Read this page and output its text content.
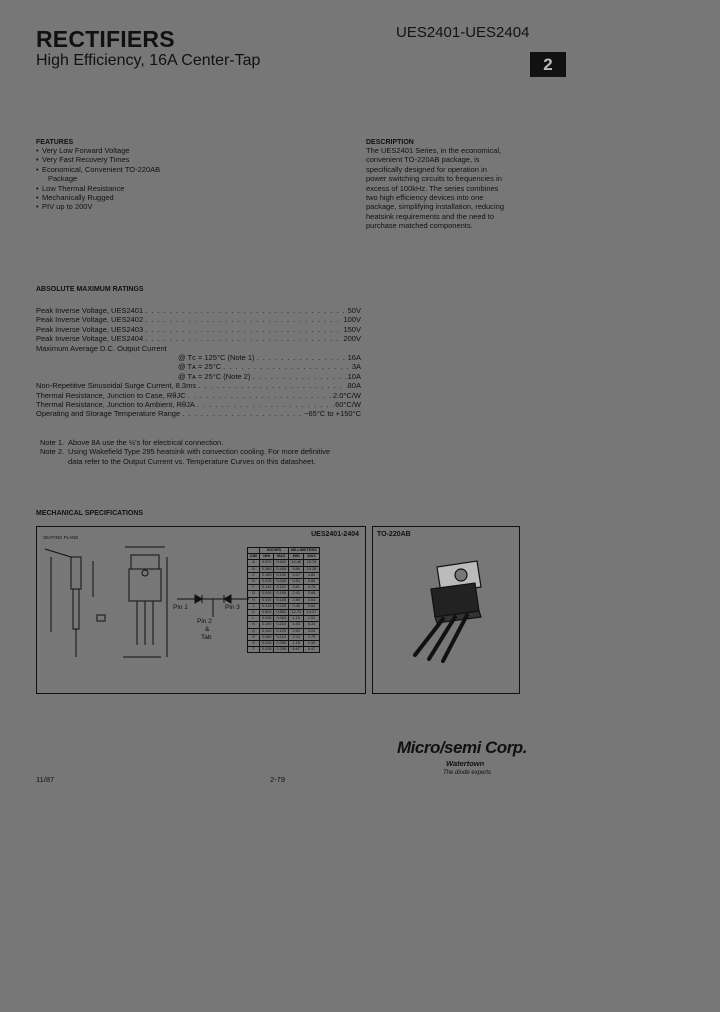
RECTIFIERS
High Efficiency, 16A Center-Tap
UES2401-UES2404
2
FEATURES
• Very Low Forward Voltage
• Very Fast Recovery Times
• Economical, Convenient TO-220AB
Package
• Low Thermal Resistance
• Mechanically Rugged
• PIV up to 200V
DESCRIPTION
The UES2401 Series, in the economical,
convenient TO-220AB package, is
specifically designed for operation in
power switching circuits to frequencies in
excess of 100kHz. The series combines
two high efficiency devices into one
package, simplifying installation, reducing
heatsink requirements and the need to
purchase matched components.
ABSOLUTE MAXIMUM RATINGS
Peak Inverse Voltage, UES2401 . . .	50V
Peak Inverse Voltage, UES2402 . . .	100V
Peak Inverse Voltage, UES2403 . . .	150V
Peak Inverse Voltage, UES2404 . . .	200V
Maximum Average D.C. Output Current
@ Tᴄ = 125°C (Note 1) . . .	16A
@ Tᴀ = 25°C . . .	3A
@ Tᴀ = 25°C (Note 2) . . .	10A
Non-Repetitive Sinusoidal Surge Current, 8.3ms . . .	80A
Thermal Resistance, Junction to Case, RθJC . . .	2.0°C/W
Thermal Resistance, Junction to Ambient, RθJA . . .	60°C/W
Operating and Storage Temperature Range . . .	−65°C to +150°C
Note 1. Above 8A use the ½'s for electrical connection.
Note 2. Using Wakefield Type 295 heatsink with convection cooling. For more definitive
data refer to the Output Current vs. Temperature Curves on this datasheet.
MECHANICAL SPECIFICATIONS
UES2401-2404
SEATING PLANE
Pin 1	Pin 3
Pin 2
&
Tab
	INCHES		MILLIMETERS	
DIM	MIN	MAX	MIN	MAX
A	0.570	0.620	14.48	15.75
B	0.380	0.405	9.66	10.28
C	0.160	0.190	4.07	4.82
D	0.025	0.035	0.64	0.88
F	0.142	0.147	3.61	3.73
G	0.095	0.105	2.42	2.66
H	0.110	0.155	2.80	3.93
J	0.018	0.025	0.46	0.64
K	0.500	0.562	12.70	14.27
L	0.045	0.060	1.15	1.52
N	0.190	0.210	4.83	5.33
Q	0.100	0.120	2.54	3.04
R	0.080	0.110	2.04	2.79
S	0.045	0.055	1.15	1.39
T	0.235	0.255	5.97	6.47
TO-220AB
Micro/semi Corp.
Watertown
The diode experts
11/87	2-79
